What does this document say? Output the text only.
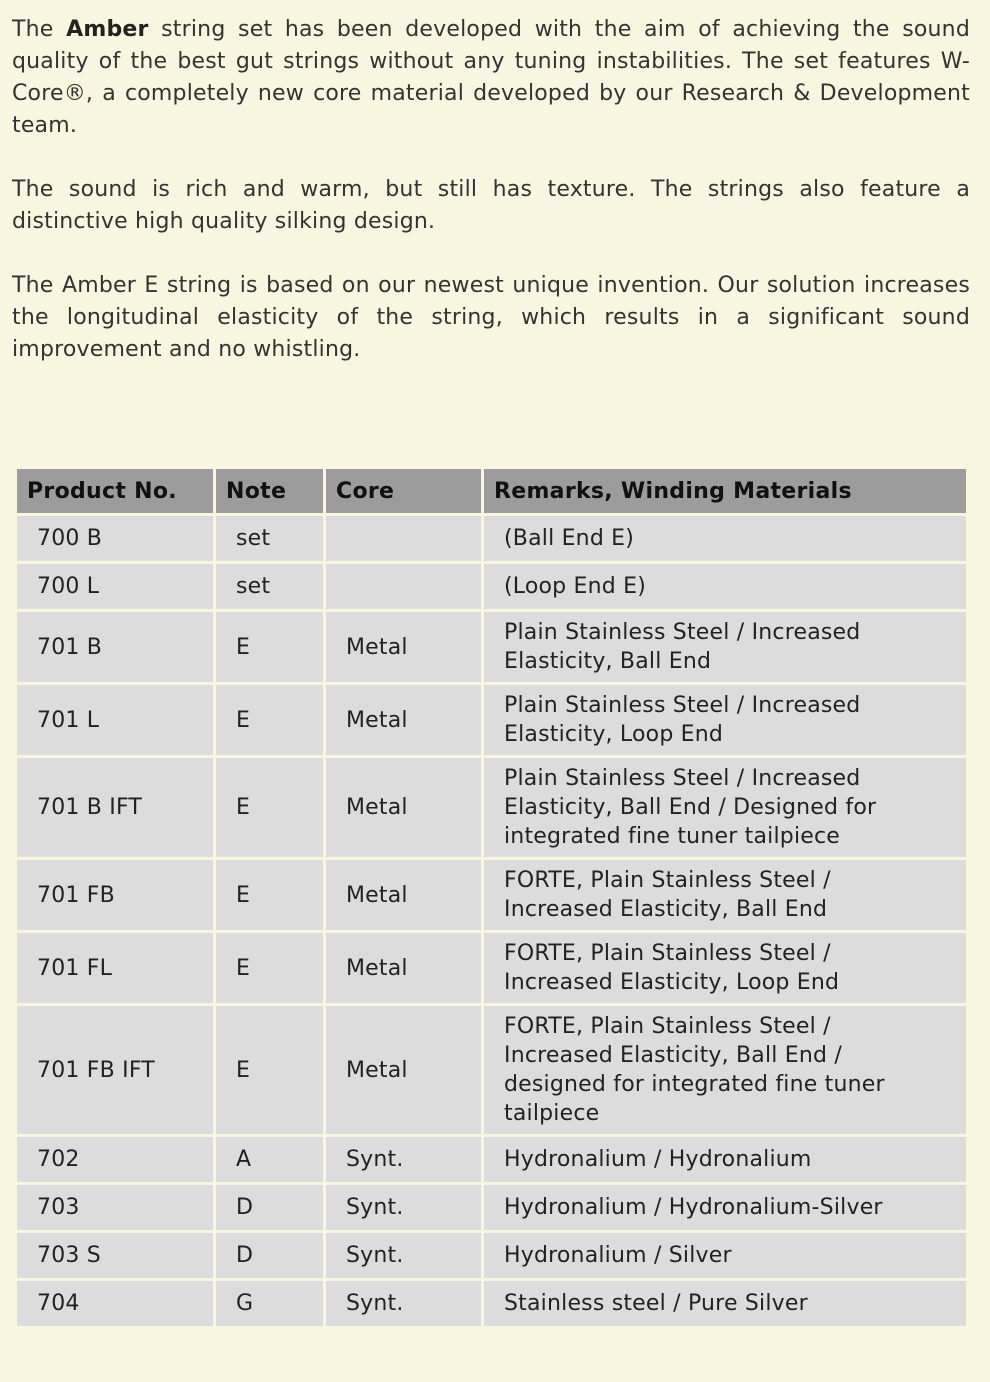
The Amber string set has been developed with the aim of achieving the sound quality of the best gut strings without any tuning instabilities. The set features W-Core®, a completely new core material developed by our Research & Development team.

The sound is rich and warm, but still has texture. The strings also feature a distinctive high quality silking design.

The Amber E string is based on our newest unique invention. Our solution increases the longitudinal elasticity of the string, which results in a significant sound improvement and no whistling.

Product No.	Note	Core	Remarks, Winding Materials
700 B	set		(Ball End E)
700 L	set		(Loop End E)
701 B	E	Metal	Plain Stainless Steel / Increased Elasticity, Ball End
701 L	E	Metal	Plain Stainless Steel / Increased Elasticity, Loop End
701 B IFT	E	Metal	Plain Stainless Steel / Increased Elasticity, Ball End / Designed for integrated fine tuner tailpiece
701 FB	E	Metal	FORTE, Plain Stainless Steel / Increased Elasticity, Ball End
701 FL	E	Metal	FORTE, Plain Stainless Steel / Increased Elasticity, Loop End
701 FB IFT	E	Metal	FORTE, Plain Stainless Steel / Increased Elasticity, Ball End / designed for integrated fine tuner tailpiece
702	A	Synt.	Hydronalium / Hydronalium
703	D	Synt.	Hydronalium / Hydronalium-Silver
703 S	D	Synt.	Hydronalium / Silver
704	G	Synt.	Stainless steel / Pure Silver
